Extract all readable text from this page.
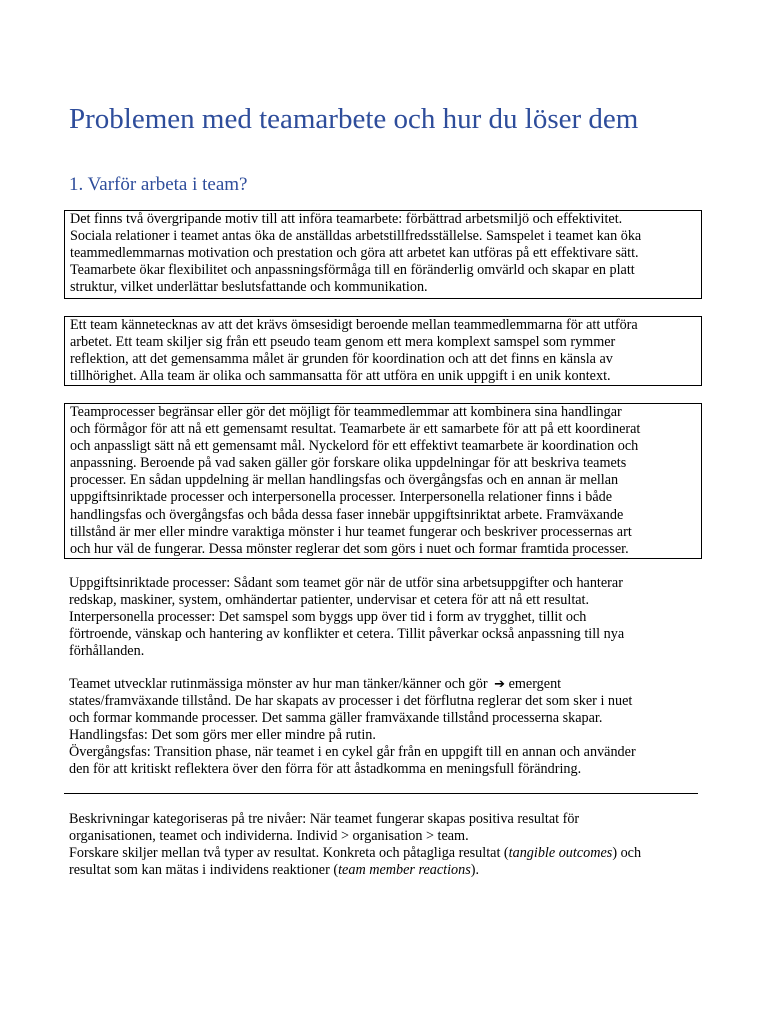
Problemen med teamarbete och hur du löser dem
1. Varför arbeta i team?

Det finns två övergripande motiv till att införa teamarbete: förbättrad arbetsmiljö och effektivitet.

Sociala relationer i teamet antas öka de anställdas arbetstillfredsställelse. Samspelet i teamet kan öka

teammedlemmarnas motivation och prestation och göra att arbetet kan utföras på ett effektivare sätt.

Teamarbete ökar flexibilitet och anpassningsförmåga till en föränderlig omvärld och skapar en platt

struktur, vilket underlättar beslutsfattande och kommunikation.

Ett team kännetecknas av att det krävs ömsesidigt beroende mellan teammedlemmarna för att utföra

arbetet. Ett team skiljer sig från ett pseudo team genom ett mera komplext samspel som rymmer

reflektion, att det gemensamma målet är grunden för koordination och att det finns en känsla av

tillhörighet. Alla team är olika och sammansatta för att utföra en unik uppgift i en unik kontext.

Teamprocesser begränsar eller gör det möjligt för teammedlemmar att kombinera sina handlingar

och förmågor för att nå ett gemensamt resultat. Teamarbete är ett samarbete för att på ett koordinerat

och anpassligt sätt nå ett gemensamt mål. Nyckelord för ett effektivt teamarbete är koordination och

anpassning. Beroende på vad saken gäller gör forskare olika uppdelningar för att beskriva teamets

processer. En sådan uppdelning är mellan handlingsfas och övergångsfas och en annan är mellan

uppgiftsinriktade processer och interpersonella processer. Interpersonella relationer finns i både

handlingsfas och övergångsfas och båda dessa faser innebär uppgiftsinriktat arbete. Framväxande

tillstånd är mer eller mindre varaktiga mönster i hur teamet fungerar och beskriver processernas art

och hur väl de fungerar. Dessa mönster reglerar det som görs i nuet och formar framtida processer.

Uppgiftsinriktade processer: Sådant som teamet gör när de utför sina arbetsuppgifter och hanterar

redskap, maskiner, system, omhändertar patienter, undervisar et cetera för att nå ett resultat.

Interpersonella processer: Det samspel som byggs upp över tid i form av trygghet, tillit och

förtroende, vänskap och hantering av konflikter et cetera. Tillit påverkar också anpassning till nya

förhållanden.

Teamet utvecklar rutinmässiga mönster av hur man tänker/känner och gör ➔ emergent

states/framväxande tillstånd. De har skapats av processer i det förflutna reglerar det som sker i nuet

och formar kommande processer. Det samma gäller framväxande tillstånd processerna skapar.

Handlingsfas: Det som görs mer eller mindre på rutin.

Övergångsfas: Transition phase, när teamet i en cykel går från en uppgift till en annan och använder

den för att kritiskt reflektera över den förra för att åstadkomma en meningsfull förändring.

Beskrivningar kategoriseras på tre nivåer: När teamet fungerar skapas positiva resultat för

organisationen, teamet och individerna. Individ > organisation > team.

Forskare skiljer mellan två typer av resultat. Konkreta och påtagliga resultat (tangible outcomes) och

resultat som kan mätas i individens reaktioner (team member reactions).
